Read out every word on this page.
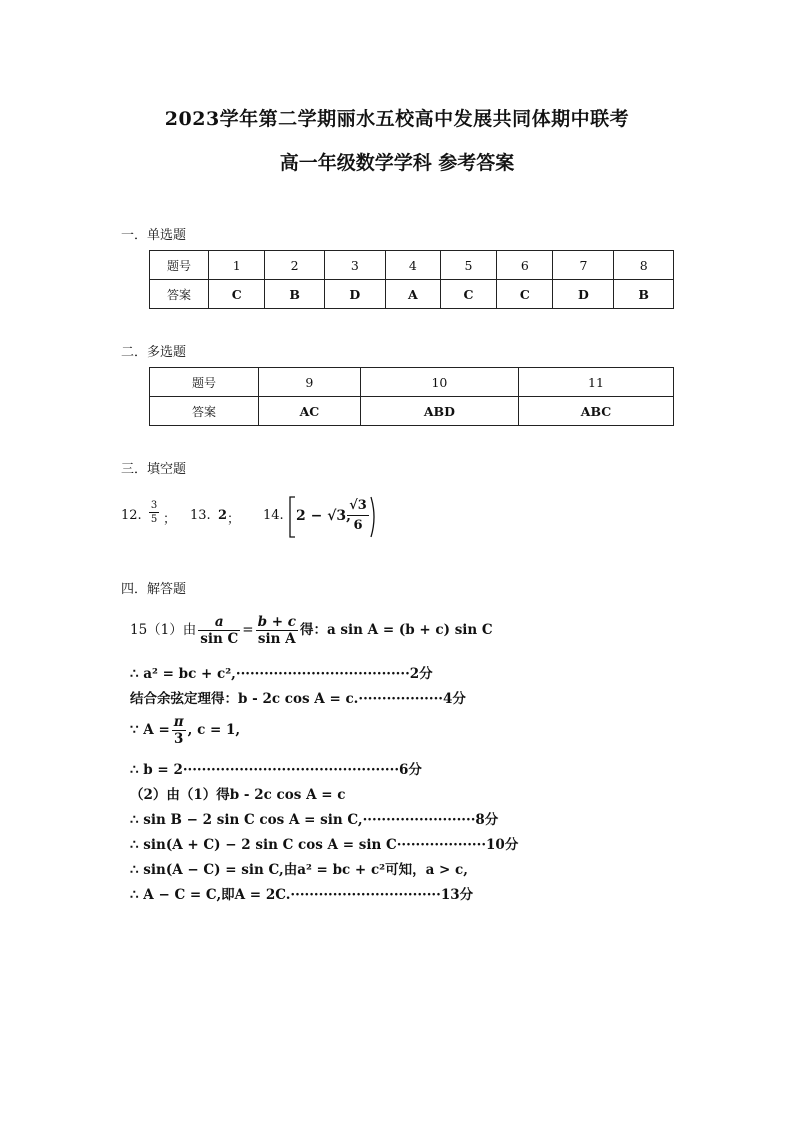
2023学年第二学期丽水五校高中发展共同体期中联考
高一年级数学学科 参考答案
一．单选题
题号	1	2	3	4	5	6	7	8
答案	C	B	D	A	C	C	D	B
二．多选题
题号	9	10	11
答案	AC	ABD	ABC
三．填空题
12. $\frac{3}{5}$ ； 13. 2 ； 14. 2 − √3,
$\frac{√3}{6}$
四．解答题
15（1）由 $\frac{a}{\text{sin C}} = \frac{b + c}{\text{sin A}}$ 得：a sin A = (b + c) sin C
∴ a² = bc + c²,·····································2分
结合余弦定理得：b - 2c cos A = c.··················4分
∵ $A = \frac{\pi}{3}$ , c = 1,
∴ b = 2··············································6分
（2）由（1）得b - 2c cos A = c
∴ sin B − 2 sin C cos A = sin C,························8分
∴ sin(A + C) − 2 sin C cos A = sin C···················10分
∴ sin(A − C) = sin C,由a² = bc + c²可知，a > c,
∴ A − C = C,即A = 2C.································13分
